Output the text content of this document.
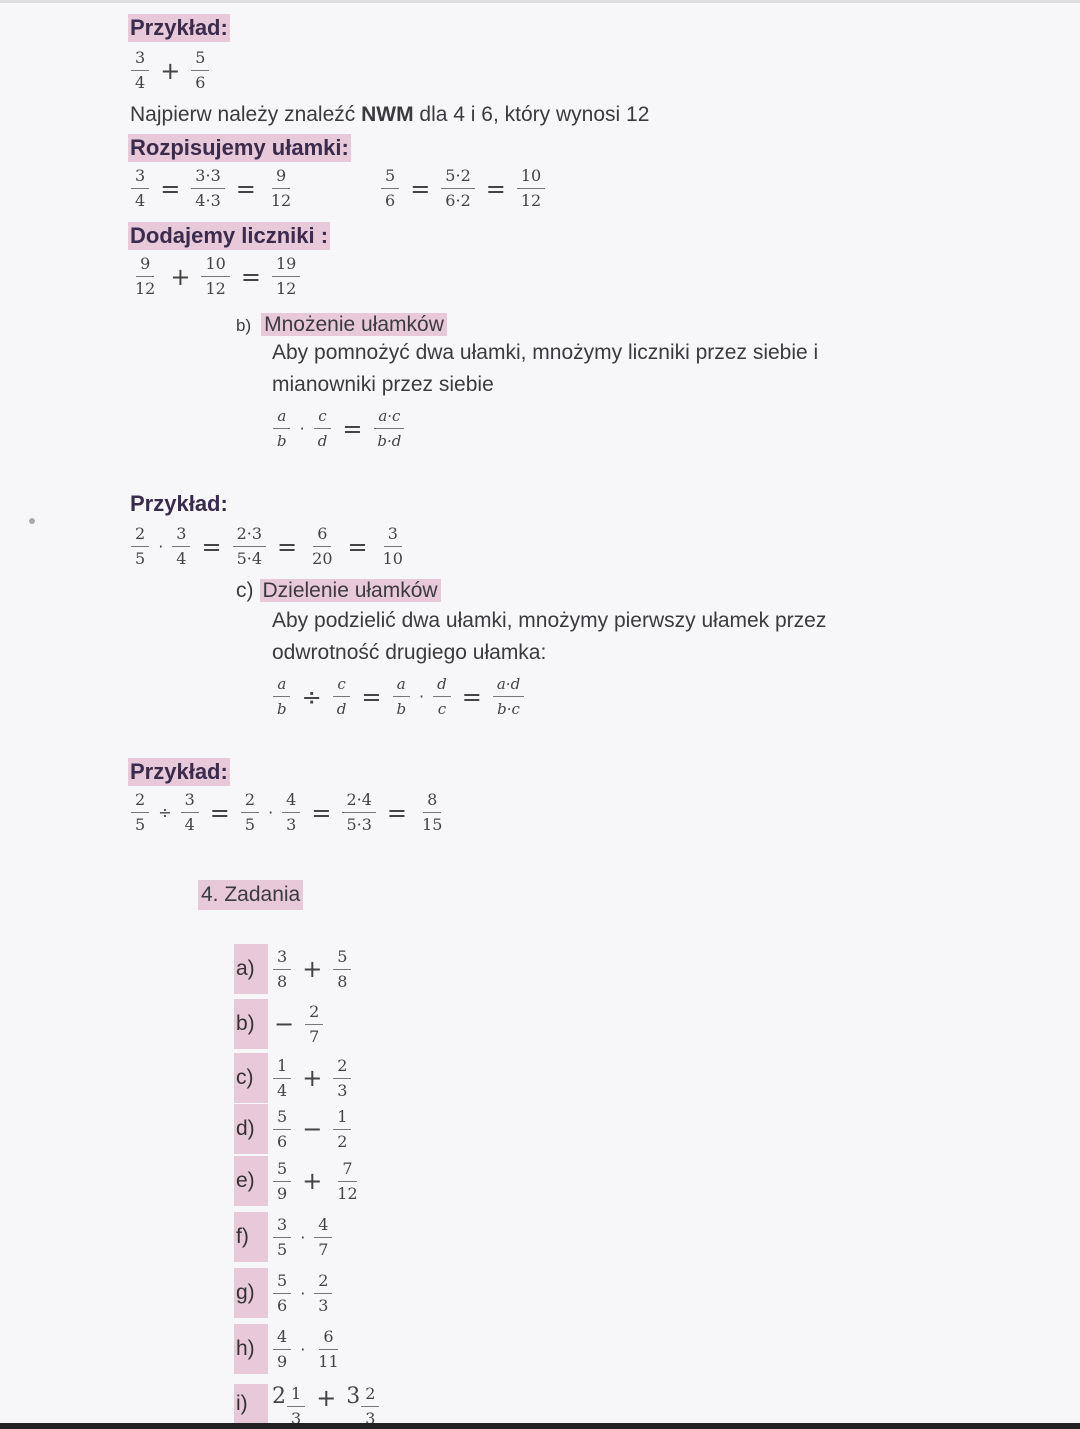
Przykład:
$\frac{3}{4} + \frac{5}{6}$
Najpierw należy znaleźć NWM dla 4 i 6, który wynosi 12
Rozpisujemy ułamki:
$\frac{3}{4} = \frac{3\cdot 3}{4\cdot 3} = \frac{9}{12}$	$\frac{5}{6} = \frac{5\cdot 2}{6\cdot 2} = \frac{10}{12}$
Dodajemy liczniki :
$\frac{9}{12} + \frac{10}{12} = \frac{19}{12}$
b) Mnożenie ułamków
Aby pomnożyć dwa ułamki, mnożymy liczniki przez siebie i
mianowniki przez siebie
$\frac{a}{b} \cdot \frac{c}{d} = \frac{a\cdot c}{b\cdot d}$
Przykład:
$\frac{2}{5} \cdot \frac{3}{4} = \frac{2\cdot 3}{5\cdot 4} = \frac{6}{20} = \frac{3}{10}$
c) Dzielenie ułamków
Aby podzielić dwa ułamki, mnożymy pierwszy ułamek przez
odwrotność drugiego ułamka:
$\frac{a}{b} \div \frac{c}{d} = \frac{a}{b} \cdot \frac{d}{c} = \frac{a\cdot d}{b\cdot c}$
Przykład:
$\frac{2}{5} \div \frac{3}{4} = \frac{2}{5} \cdot \frac{4}{3} = \frac{2\cdot 4}{5\cdot 3} = \frac{8}{15}$
4. Zadania
a)	$\frac{3}{8} + \frac{5}{8}$
$b) - \frac{2}{7}$
c)	$\frac{1}{4} + \frac{2}{3}$
d)	$\frac{5}{6} - \frac{1}{2}$
e)	$\frac{5}{9} + \frac{7}{12}$
f)	$\frac{3}{5} \cdot \frac{4}{7}$
g)	$\frac{5}{6} \cdot \frac{2}{3}$
h)	$\frac{4}{9} \cdot \frac{6}{11}$
i)	$2 \frac{1}{3} + 3 \frac{2}{3}$
